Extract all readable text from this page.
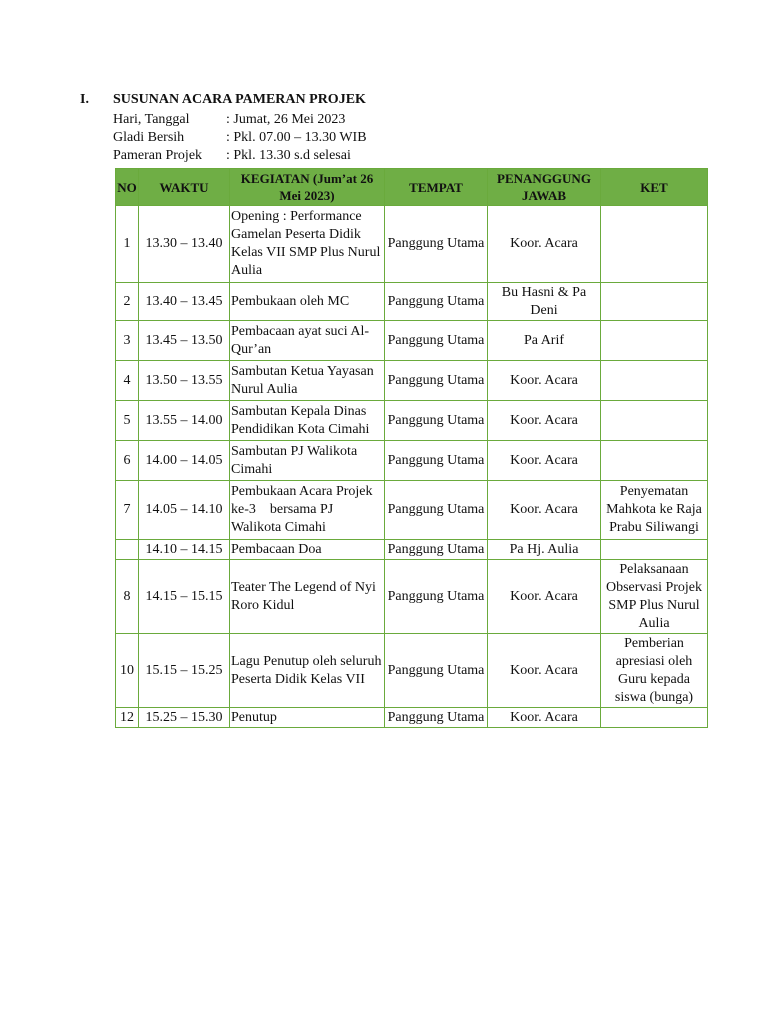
I. SUSUNAN ACARA PAMERAN PROJEK
Hari, Tanggal	: Jumat, 26 Mei 2023
Gladi Bersih	: Pkl. 07.00 – 13.30 WIB
Pameran Projek : Pkl. 13.30 s.d selesai
NO	WAKTU	KEGIATAN (Jum’at 26 Mei 2023)	TEMPAT	PENANGGUNG JAWAB	KET
1	13.30 – 13.40	Opening : Performance Gamelan Peserta Didik Kelas VII SMP Plus Nurul Aulia	Panggung Utama	Koor. Acara	
2	13.40 – 13.45	Pembukaan oleh MC	Panggung Utama	Bu Hasni & Pa Deni	
3	13.45 – 13.50	Pembacaan ayat suci Al-Qur’an	Panggung Utama	Pa Arif	
4	13.50 – 13.55	Sambutan Ketua Yayasan Nurul Aulia	Panggung Utama	Koor. Acara	
5	13.55 – 14.00	Sambutan Kepala Dinas Pendidikan Kota Cimahi	Panggung Utama	Koor. Acara	
6	14.00 – 14.05	Sambutan PJ Walikota Cimahi	Panggung Utama	Koor. Acara	
7	14.05 – 14.10	Pembukaan Acara Projek ke-3    bersama PJ Walikota Cimahi	Panggung Utama	Koor. Acara	Penyematan Mahkota ke Raja Prabu Siliwangi
	14.10 – 14.15	Pembacaan Doa	Panggung Utama	Pa Hj. Aulia	
8	14.15 – 15.15	Teater The Legend of Nyi Roro Kidul	Panggung Utama	Koor. Acara	Pelaksanaan Observasi Projek SMP Plus Nurul Aulia
10	15.15 – 15.25	Lagu Penutup oleh seluruh Peserta Didik Kelas VII	Panggung Utama	Koor. Acara	Pemberian apresiasi oleh Guru kepada siswa (bunga)
12	15.25 – 15.30	Penutup	Panggung Utama	Koor. Acara	
